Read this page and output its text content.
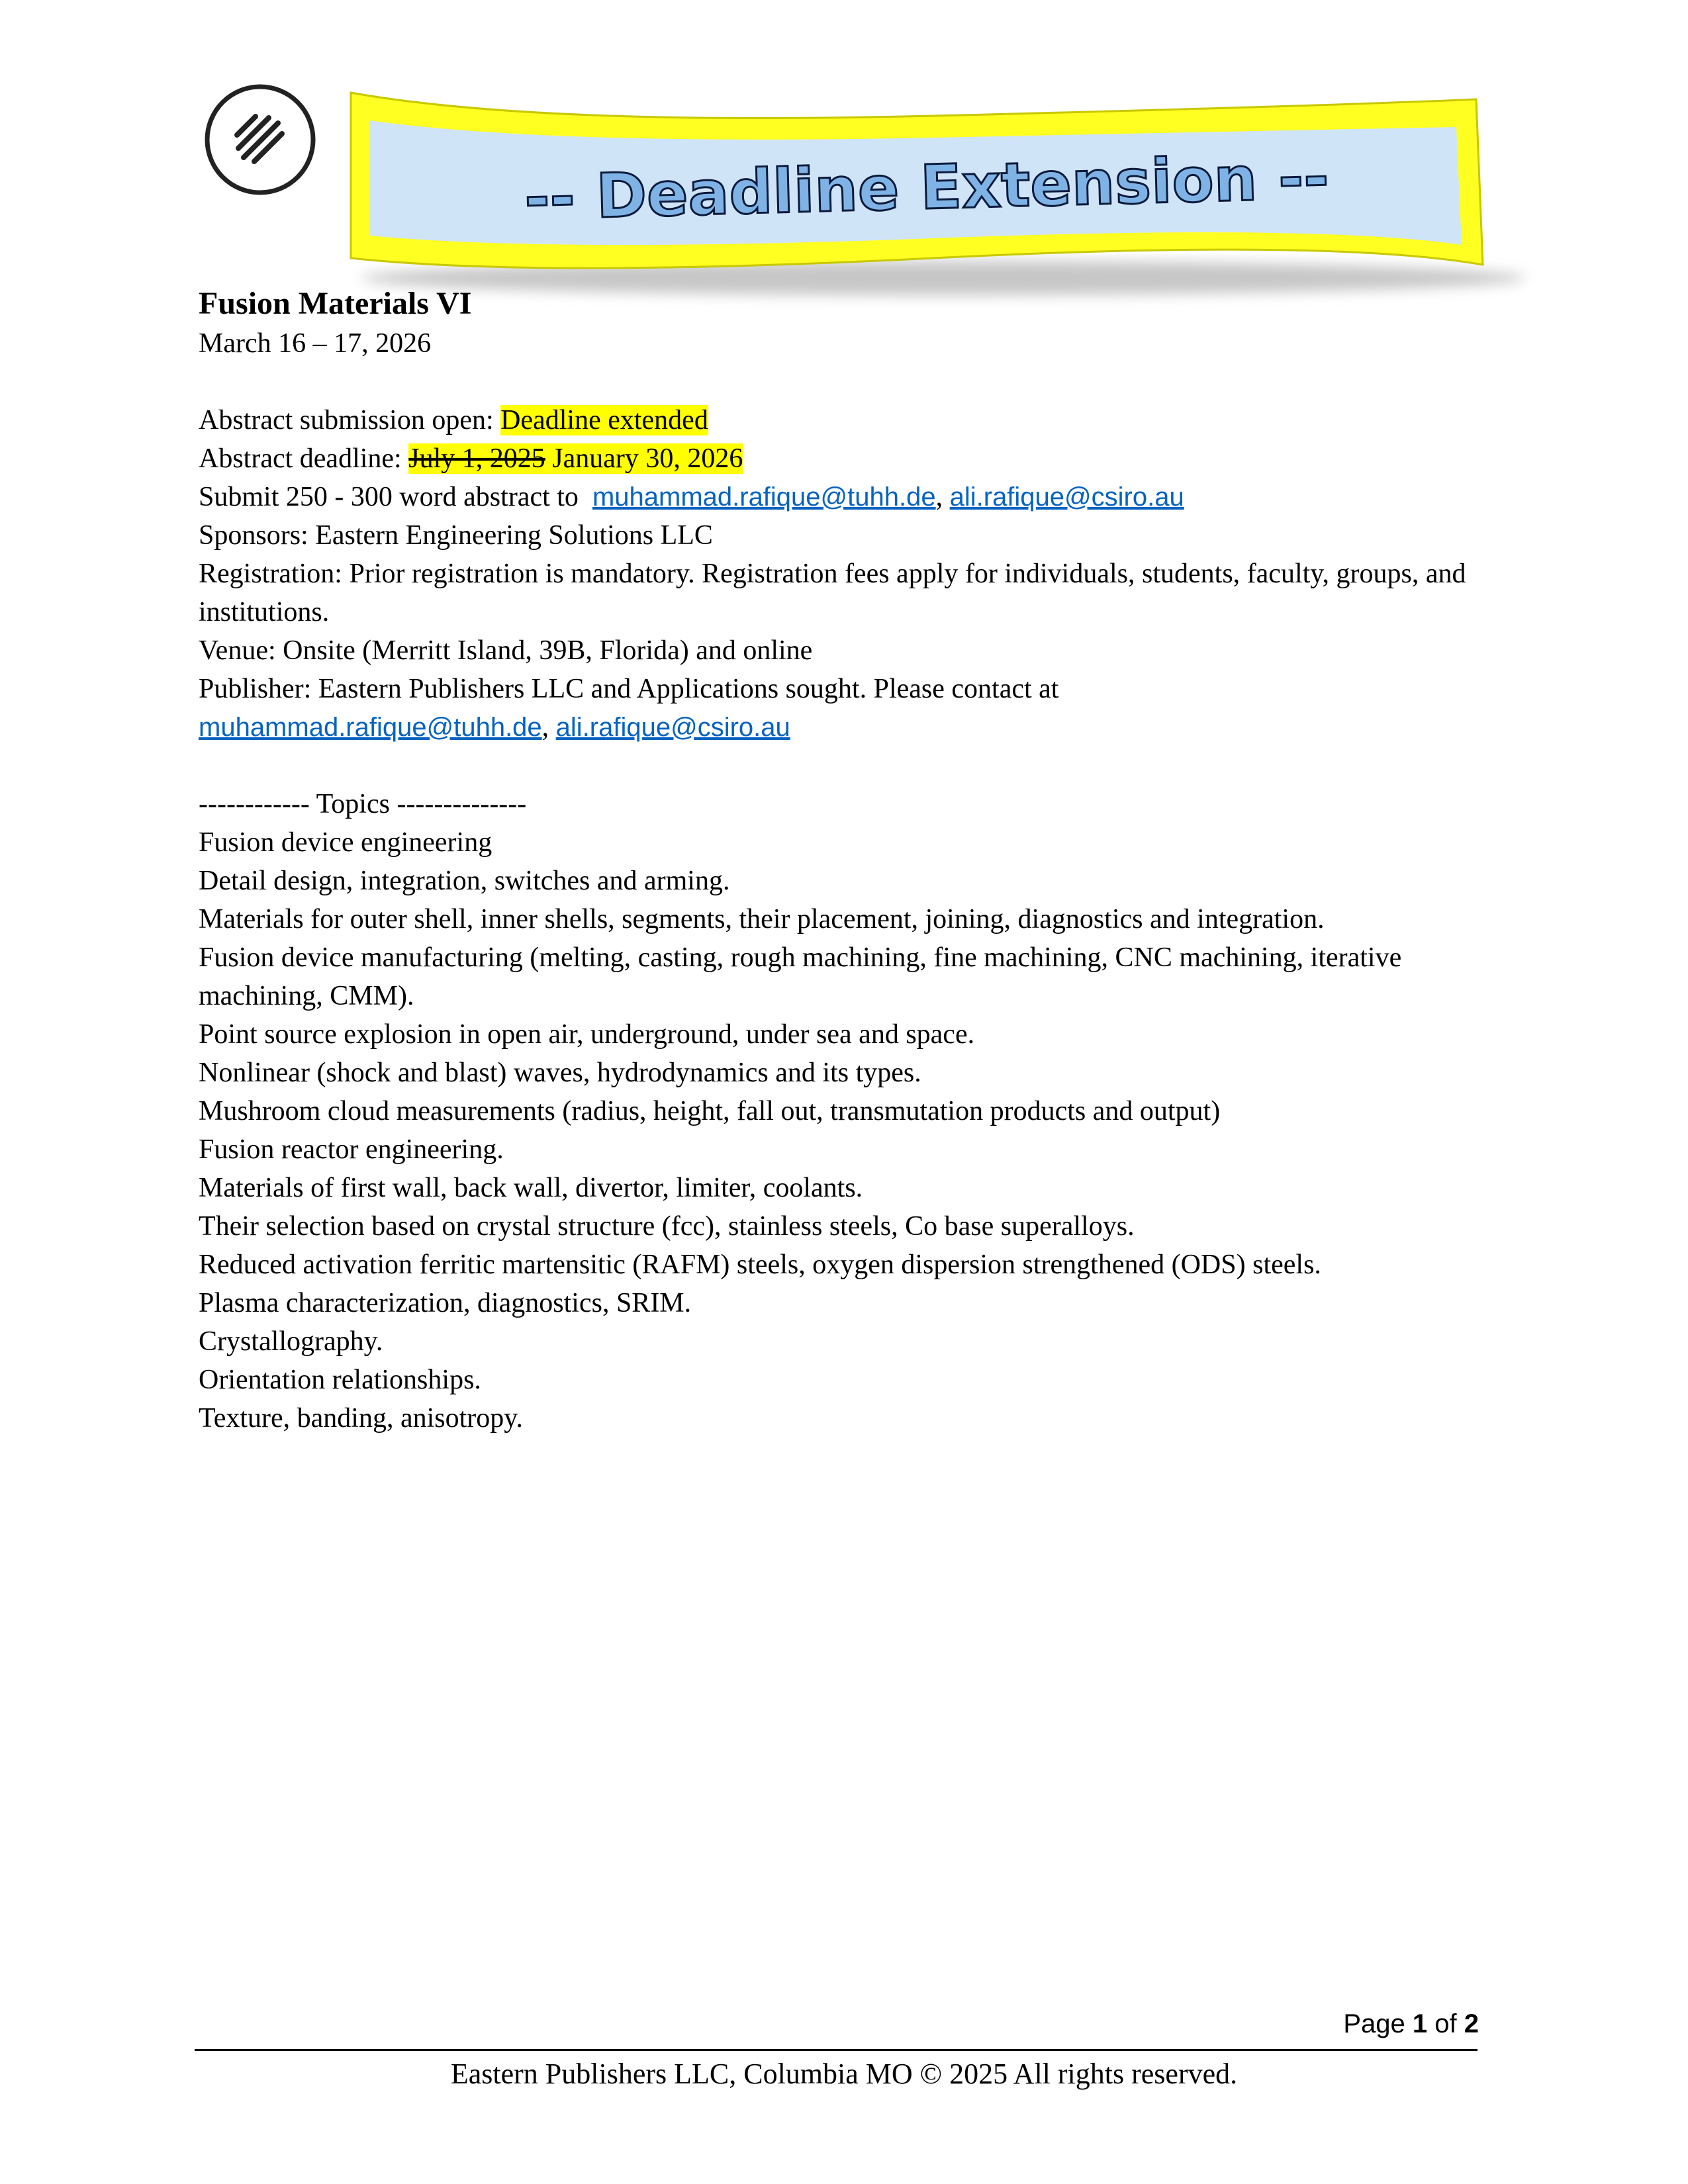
-- Deadline Extension --
Fusion Materials VI
March 16 – 17, 2026
Abstract submission open: Deadline extended
Abstract deadline: July 1, 2025 January 30, 2026
Submit 250 - 300 word abstract to  muhammad.rafique@tuhh.de, ali.rafique@csiro.au
Sponsors: Eastern Engineering Solutions LLC
Registration: Prior registration is mandatory. Registration fees apply for individuals, students, faculty, groups, and institutions.
Venue: Onsite (Merritt Island, 39B, Florida) and online
Publisher: Eastern Publishers LLC and Applications sought. Please contact at
muhammad.rafique@tuhh.de, ali.rafique@csiro.au
------------ Topics --------------
Fusion device engineering
Detail design, integration, switches and arming.
Materials for outer shell, inner shells, segments, their placement, joining, diagnostics and integration.
Fusion device manufacturing (melting, casting, rough machining, fine machining, CNC machining, iterative machining, CMM).
Point source explosion in open air, underground, under sea and space.
Nonlinear (shock and blast) waves, hydrodynamics and its types.
Mushroom cloud measurements (radius, height, fall out, transmutation products and output)
Fusion reactor engineering.
Materials of first wall, back wall, divertor, limiter, coolants.
Their selection based on crystal structure (fcc), stainless steels, Co base superalloys.
Reduced activation ferritic martensitic (RAFM) steels, oxygen dispersion strengthened (ODS) steels.
Plasma characterization, diagnostics, SRIM.
Crystallography.
Orientation relationships.
Texture, banding, anisotropy.
Page 1 of 2
Eastern Publishers LLC, Columbia MO © 2025 All rights reserved.
